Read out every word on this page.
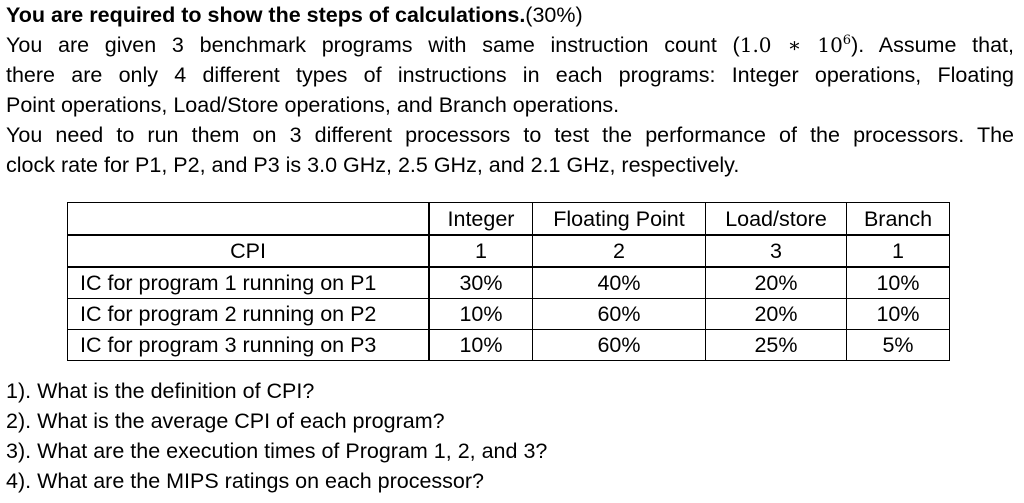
You are required to show the steps of calculations.(30%)
You are given 3 benchmark programs with same instruction count (1.0 ∗ $10^6$). Assume that,
there are only 4 different types of instructions in each programs: Integer operations, Floating
Point operations, Load/Store operations, and Branch operations.
You need to run them on 3 different processors to test the performance of the processors. The
clock rate for P1, P2, and P3 is 3.0 GHz, 2.5 GHz, and 2.1 GHz, respectively.
	Integer	Floating Point	Load/store	Branch
CPI	1	2	3	1
IC for program 1 running on P1	30%	40%	20%	10%
IC for program 2 running on P2	10%	60%	20%	10%
IC for program 3 running on P3	10%	60%	25%	5%
1). What is the definition of CPI?
2). What is the average CPI of each program?
3). What are the execution times of Program 1, 2, and 3?
4). What are the MIPS ratings on each processor?
